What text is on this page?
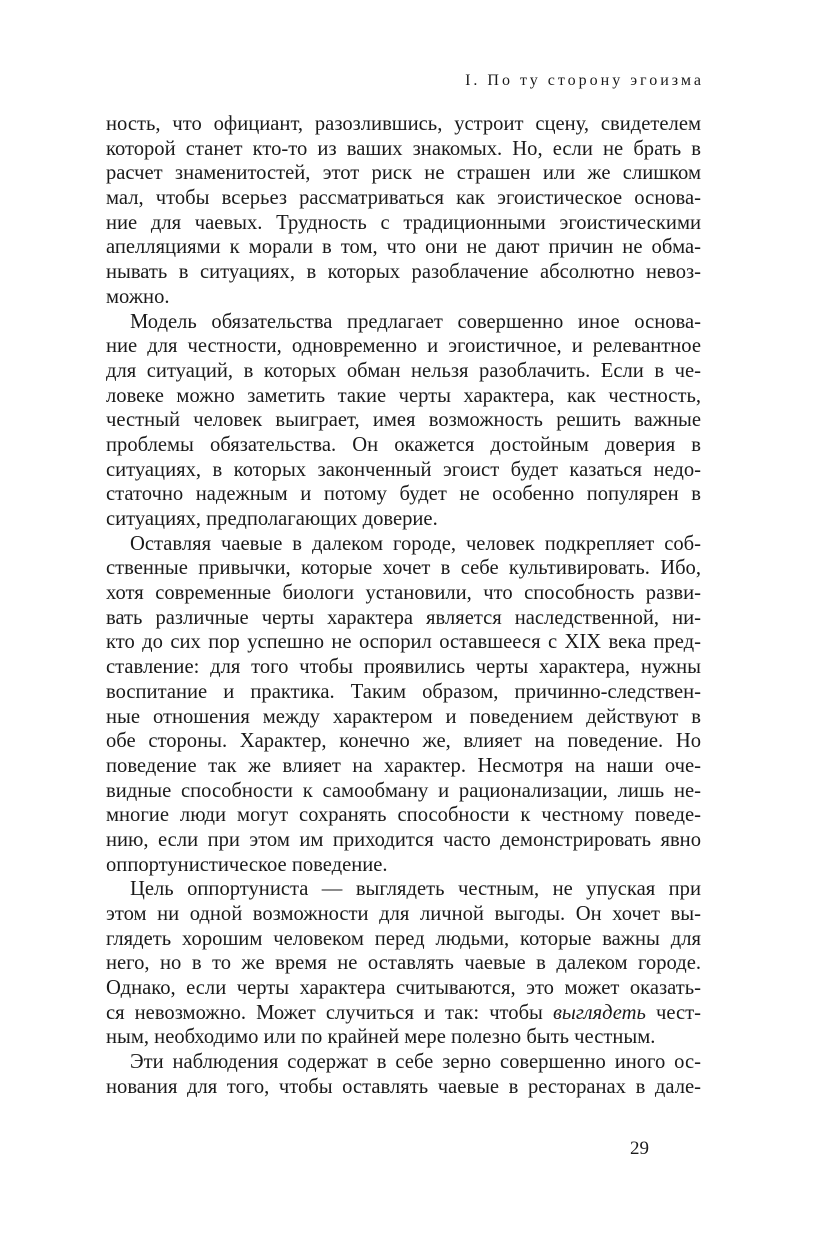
I. По ту сторону эгоизма
ность, что официант, разозлившись, устроит сцену, свидетелем
которой станет кто-то из ваших знакомых. Но, если не брать в
расчет знаменитостей, этот риск не страшен или же слишком
мал, чтобы всерьез рассматриваться как эгоистическое основа-
ние для чаевых. Трудность с традиционными эгоистическими
апелляциями к морали в том, что они не дают причин не обма-
нывать в ситуациях, в которых разоблачение абсолютно невоз-
можно.
Модель обязательства предлагает совершенно иное основа-
ние для честности, одновременно и эгоистичное, и релевантное
для ситуаций, в которых обман нельзя разоблачить. Если в че-
ловеке можно заметить такие черты характера, как честность,
честный человек выиграет, имея возможность решить важные
проблемы обязательства. Он окажется достойным доверия в
ситуациях, в которых законченный эгоист будет казаться недо-
статочно надежным и потому будет не особенно популярен в
ситуациях, предполагающих доверие.
Оставляя чаевые в далеком городе, человек подкрепляет соб-
ственные привычки, которые хочет в себе культивировать. Ибо,
хотя современные биологи установили, что способность разви-
вать различные черты характера является наследственной, ни-
кто до сих пор успешно не оспорил оставшееся с XIX века пред-
ставление: для того чтобы проявились черты характера, нужны
воспитание и практика. Таким образом, причинно-следствен-
ные отношения между характером и поведением действуют в
обе стороны. Характер, конечно же, влияет на поведение. Но
поведение так же влияет на характер. Несмотря на наши оче-
видные способности к самообману и рационализации, лишь не-
многие люди могут сохранять способности к честному поведе-
нию, если при этом им приходится часто демонстрировать явно
оппортунистическое поведение.
Цель оппортуниста — выглядеть честным, не упуская при
этом ни одной возможности для личной выгоды. Он хочет вы-
глядеть хорошим человеком перед людьми, которые важны для
него, но в то же время не оставлять чаевые в далеком городе.
Однако, если черты характера считываются, это может оказать-
ся невозможно. Может случиться и так: чтобы выглядеть чест-
ным, необходимо или по крайней мере полезно быть честным.
Эти наблюдения содержат в себе зерно совершенно иного ос-
нования для того, чтобы оставлять чаевые в ресторанах в дале-
29
